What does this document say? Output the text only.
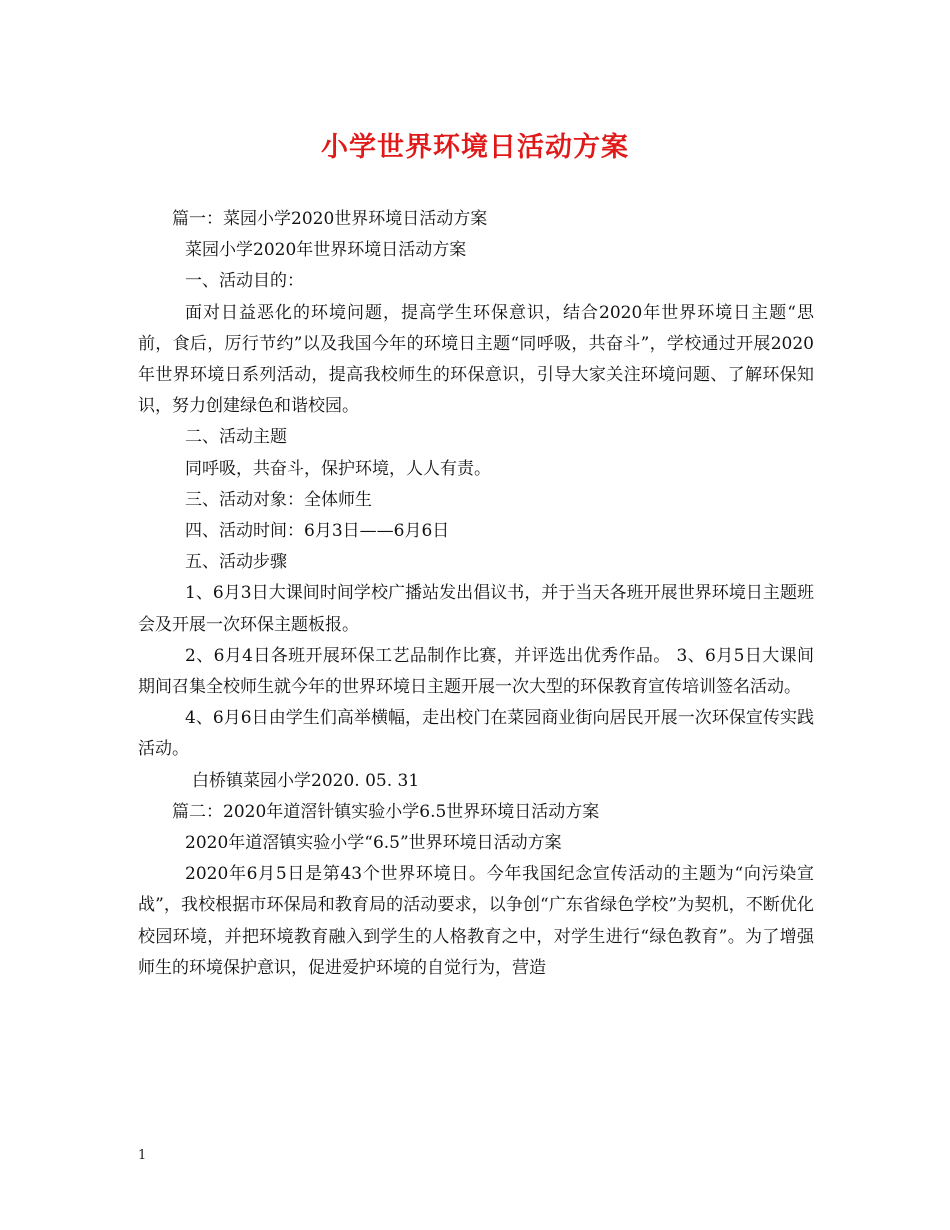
小学世界环境日活动方案

篇一：菜园小学2020世界环境日活动方案

菜园小学2020年世界环境日活动方案

一、活动目的：

面对日益恶化的环境问题，提高学生环保意识，结合2020年世界环境日主题“思前，食后，厉行节约”以及我国今年的环境日主题“同呼吸，共奋斗”，学校通过开展2020年世界环境日系列活动，提高我校师生的环保意识，引导大家关注环境问题、了解环保知识，努力创建绿色和谐校园。

二、活动主题

同呼吸，共奋斗，保护环境，人人有责。

三、活动对象：全体师生

四、活动时间：6月3日——6月6日

五、活动步骤

1、6月3日大课间时间学校广播站发出倡议书，并于当天各班开展世界环境日主题班会及开展一次环保主题板报。

2、6月4日各班开展环保工艺品制作比赛，并评选出优秀作品。 3、6月5日大课间期间召集全校师生就今年的世界环境日主题开展一次大型的环保教育宣传培训签名活动。

4、6月6日由学生们高举横幅，走出校门在菜园商业街向居民开展一次环保宣传实践活动。

白桥镇菜园小学2020. 05. 31

篇二：2020年道滘针镇实验小学6.5世界环境日活动方案

2020年道滘镇实验小学“6.5”世界环境日活动方案

2020年6月5日是第43个世界环境日。今年我国纪念宣传活动的主题为“向污染宣战”，我校根据市环保局和教育局的活动要求，以争创“广东省绿色学校”为契机，不断优化校园环境，并把环境教育融入到学生的人格教育之中，对学生进行“绿色教育”。为了增强师生的环境保护意识，促进爱护环境的自觉行为，营造

1
